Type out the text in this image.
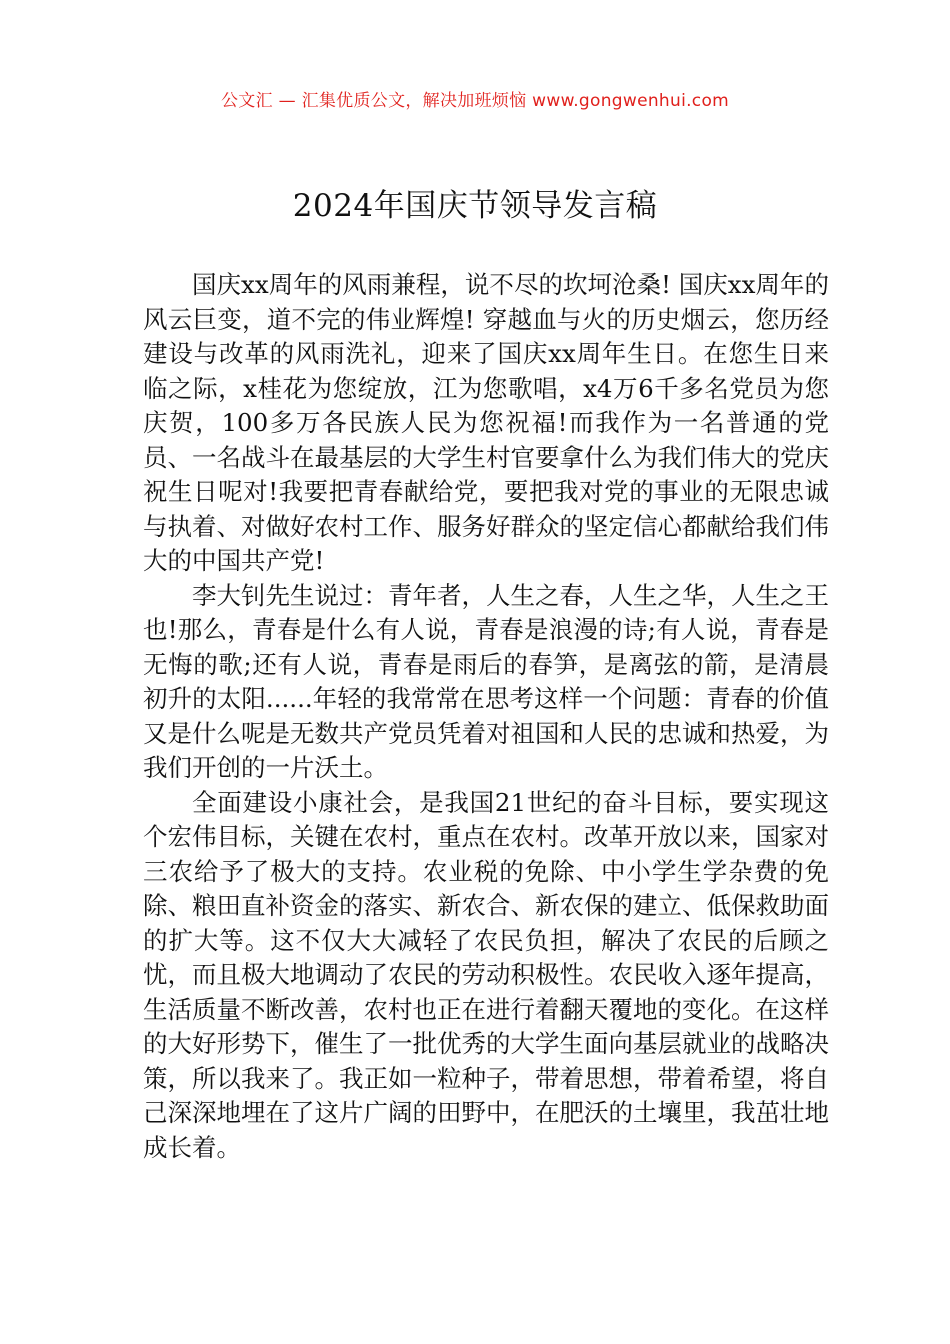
公文汇 — 汇集优质公文，解决加班烦恼 www.gongwenhui.com
2024年国庆节领导发言稿

国庆xx周年的风雨兼程，说不尽的坎坷沧桑! 国庆xx周年的风云巨变，道不完的伟业辉煌! 穿越血与火的历史烟云，您历经建设与改革的风雨洗礼，迎来了国庆xx周年生日。在您生日来临之际，x桂花为您绽放，江为您歌唱，x4万6千多名党员为您庆贺，100多万各民族人民为您祝福!而我作为一名普通的党员、一名战斗在最基层的大学生村官要拿什么为我们伟大的党庆祝生日呢对!我要把青春献给党，要把我对党的事业的无限忠诚与执着、对做好农村工作、服务好群众的坚定信心都献给我们伟大的中国共产党!

李大钊先生说过：青年者，人生之春，人生之华，人生之王也!那么，青春是什么有人说，青春是浪漫的诗;有人说，青春是无悔的歌;还有人说，青春是雨后的春笋，是离弦的箭，是清晨初升的太阳......年轻的我常常在思考这样一个问题：青春的价值又是什么呢是无数共产党员凭着对祖国和人民的忠诚和热爱，为我们开创的一片沃土。

全面建设小康社会，是我国21世纪的奋斗目标，要实现这个宏伟目标，关键在农村，重点在农村。改革开放以来，国家对三农给予了极大的支持。农业税的免除、中小学生学杂费的免除、粮田直补资金的落实、新农合、新农保的建立、低保救助面的扩大等。这不仅大大减轻了农民负担，解决了农民的后顾之忧，而且极大地调动了农民的劳动积极性。农民收入逐年提高，生活质量不断改善，农村也正在进行着翻天覆地的变化。在这样的大好形势下，催生了一批优秀的大学生面向基层就业的战略决策，所以我来了。我正如一粒种子，带着思想，带着希望，将自己深深地埋在了这片广阔的田野中，在肥沃的土壤里，我茁壮地成长着。
